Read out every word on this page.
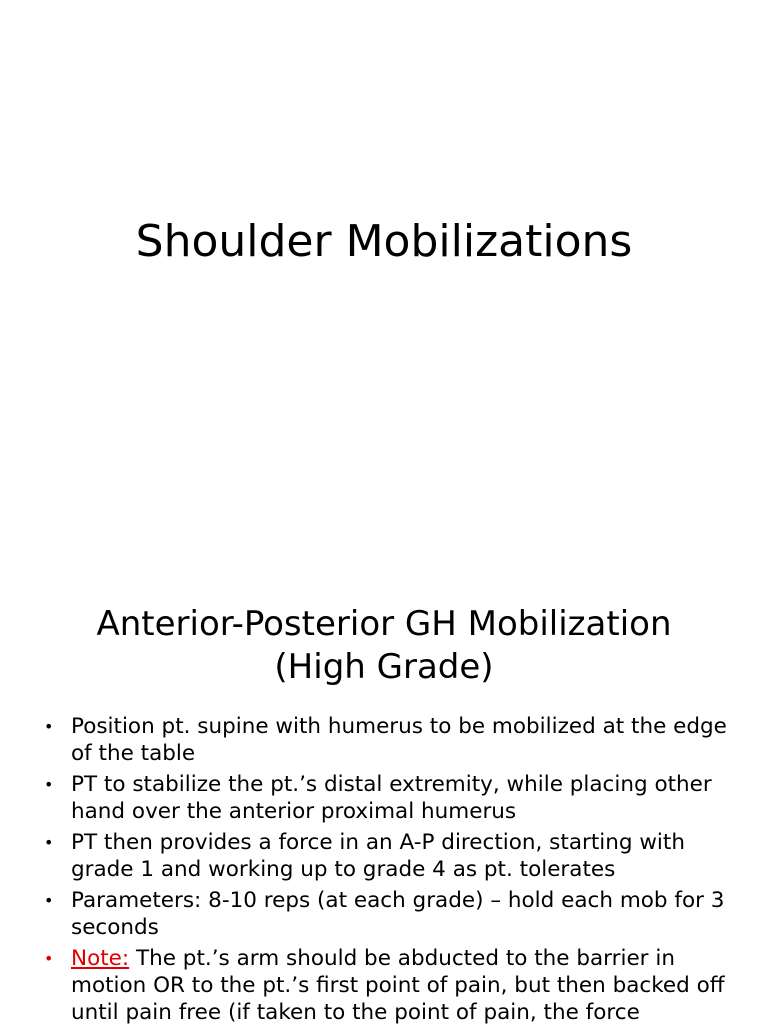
Shoulder Mobilizations
Anterior-Posterior GH Mobilization
(High Grade)
• Position pt. supine with humerus to be mobilized at the edge of the table
• PT to stabilize the pt.’s distal extremity, while placing other hand over the anterior proximal humerus
• PT then provides a force in an A-P direction, starting with grade 1 and working up to grade 4 as pt. tolerates
• Parameters: 8-10 reps (at each grade) – hold each mob for 3 seconds
• Note: The pt.’s arm should be abducted to the barrier in motion OR to the pt.’s first point of pain, but then backed off until pain free (if taken to the point of pain, the force
